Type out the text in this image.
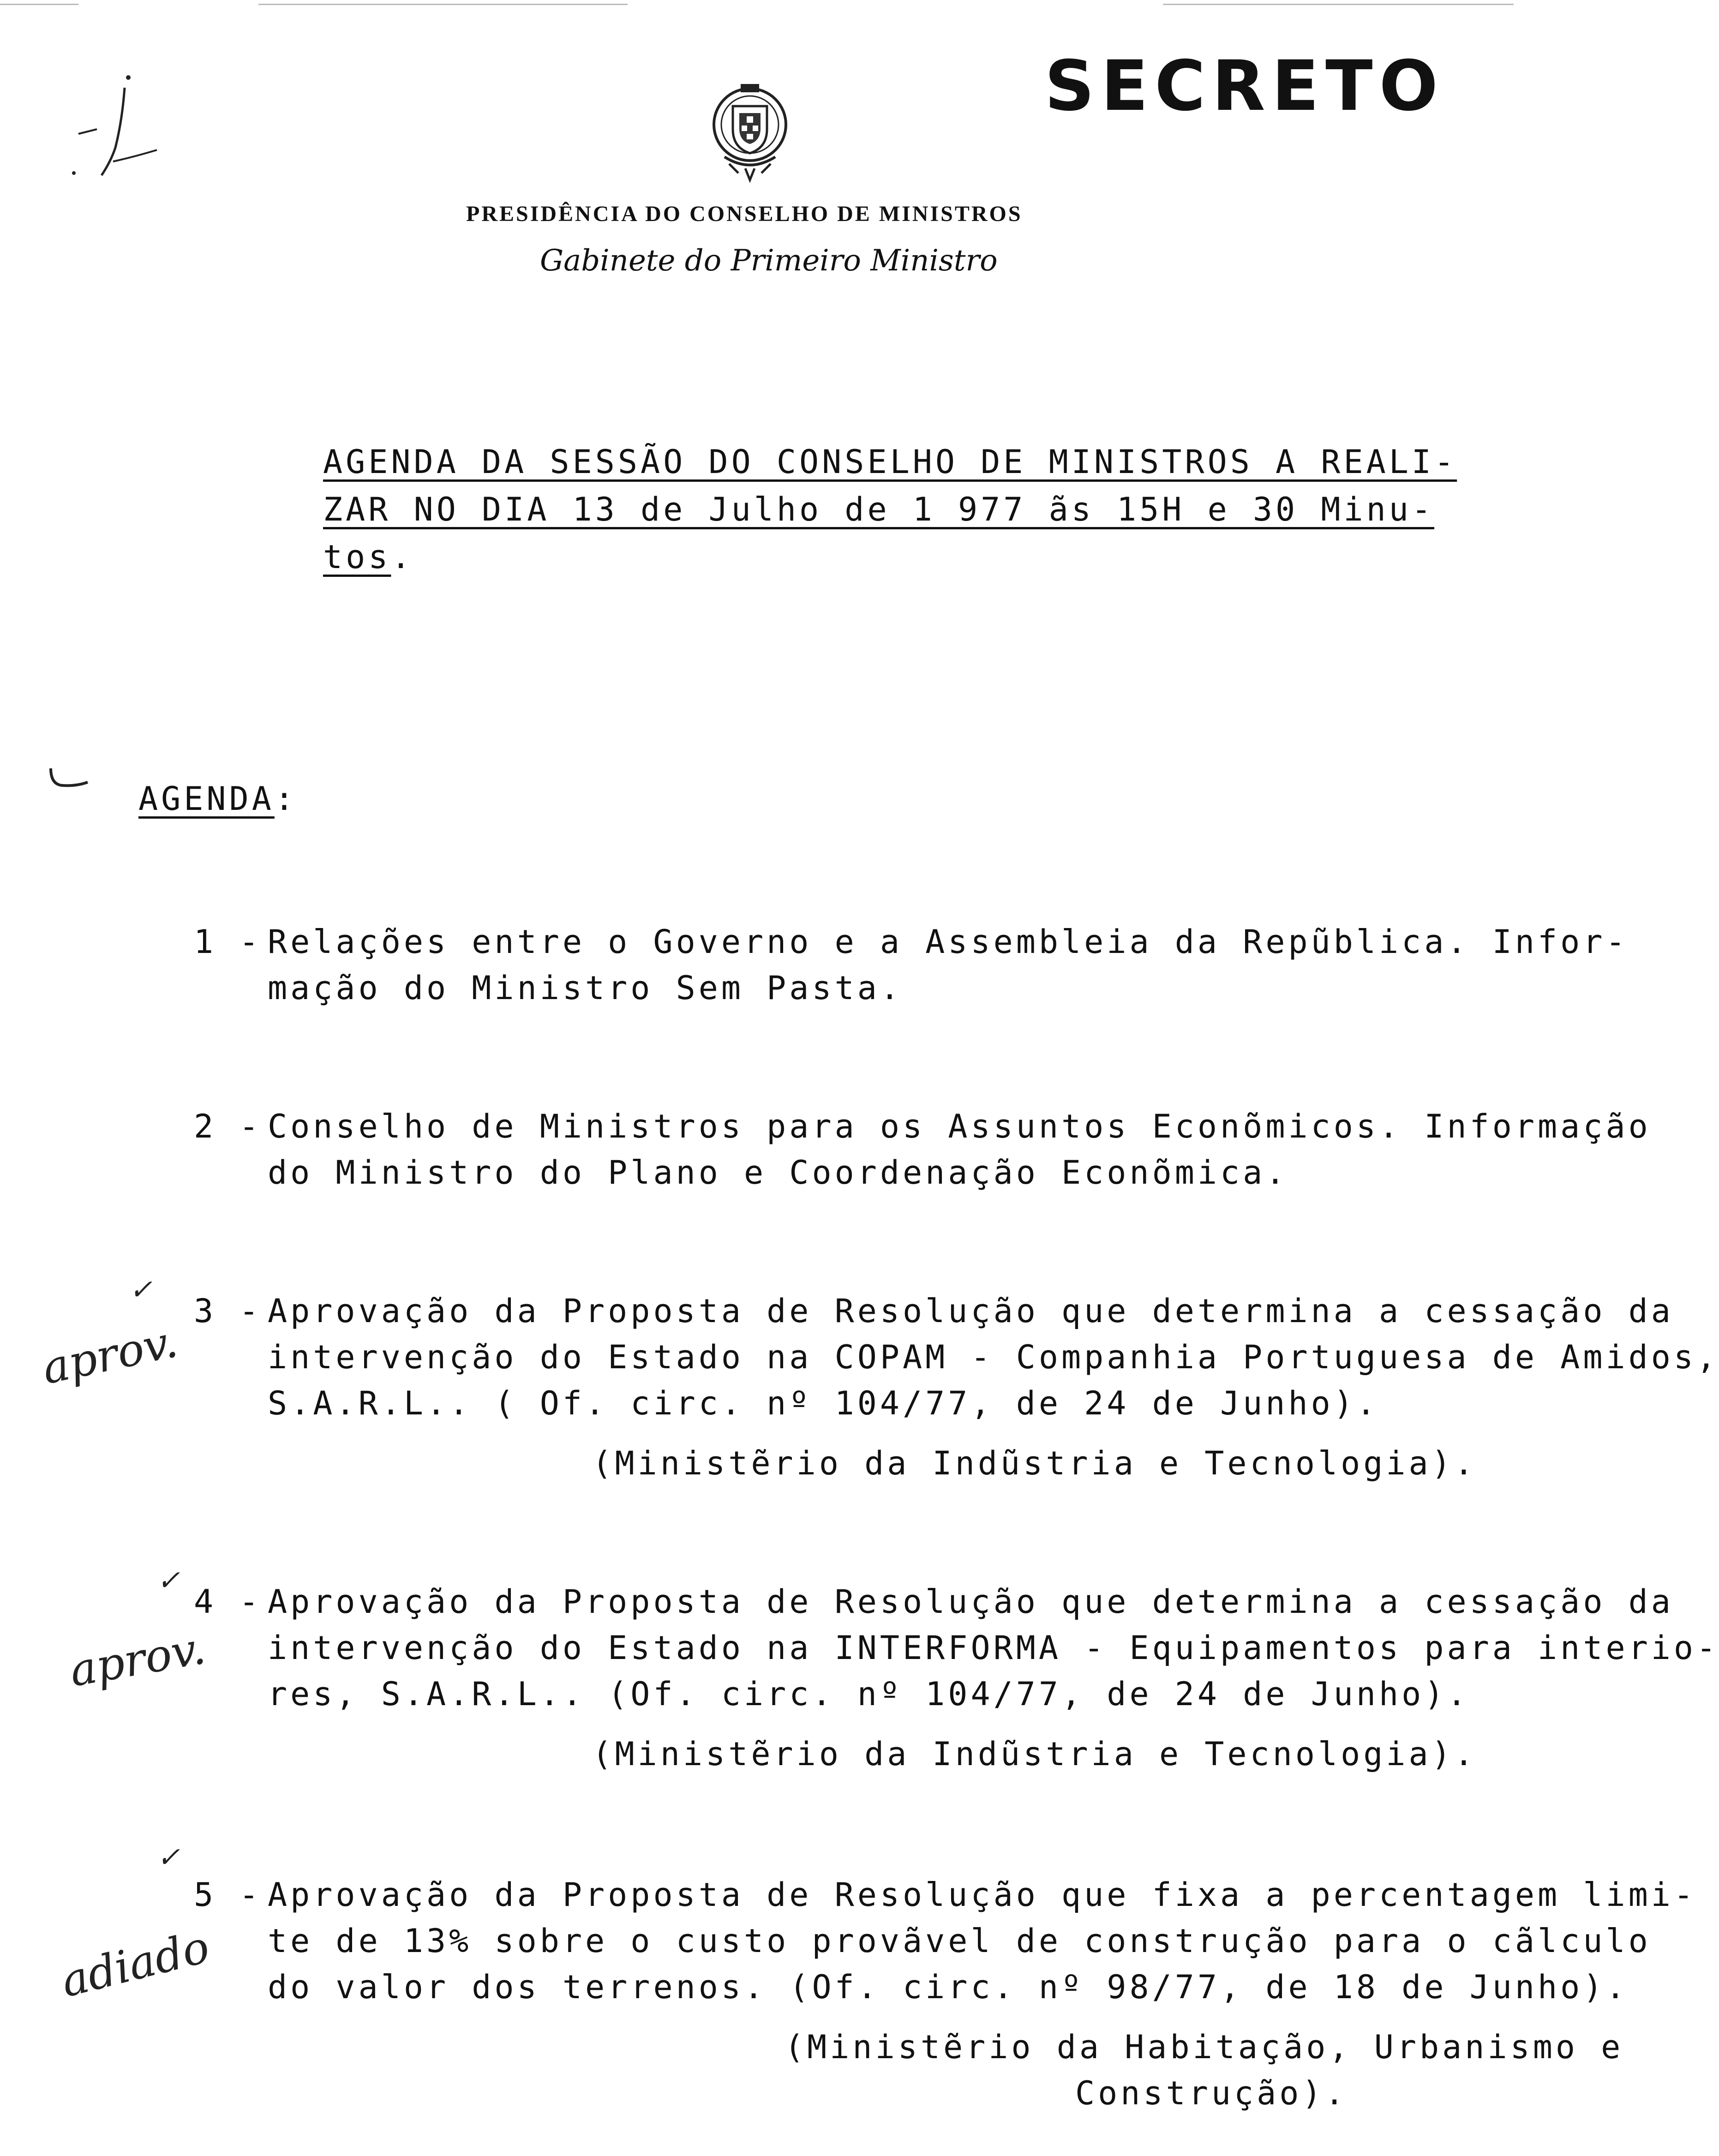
SECRETO
PRESIDÊNCIA DO CONSELHO DE MINISTROS
Gabinete do Primeiro Ministro
AGENDA DA SESSÃO DO CONSELHO DE MINISTROS A REALI-
ZAR NO DIA 13 de Julho de 1 977 ãs 15H e 30 Minu-
tos.
AGENDA:
1 - Relações entre o Governo e a Assembleia da Repũblica. Infor-
mação do Ministro Sem Pasta.
2 - Conselho de Ministros para os Assuntos Econõmicos. Informação
do Ministro do Plano e Coordenação Econõmica.
✓
aprov.
3 - Aprovação da Proposta de Resolução que determina a cessação da
intervenção do Estado na COPAM - Companhia Portuguesa de Amidos,
S.A.R.L.. ( Of. circ. nº 104/77, de 24 de Junho).
(Ministẽrio da Indũstria e Tecnologia).
✓
aprov.
4 - Aprovação da Proposta de Resolução que determina a cessação da
intervenção do Estado na INTERFORMA - Equipamentos para interio-
res, S.A.R.L.. (Of. circ. nº 104/77, de 24 de Junho).
(Ministẽrio da Indũstria e Tecnologia).
✓
adiado
5 - Aprovação da Proposta de Resolução que fixa a percentagem limi-
te de 13% sobre o custo provãvel de construção para o cãlculo
do valor dos terrenos. (Of. circ. nº 98/77, de 18 de Junho).
(Ministẽrio da Habitação, Urbanismo e
Construção).
